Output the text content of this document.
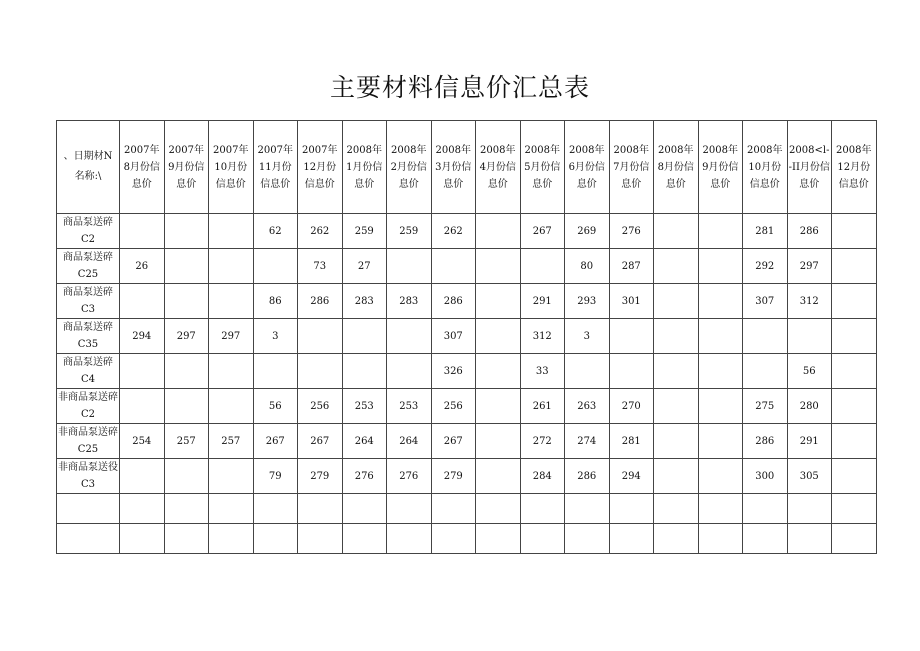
主要材料信息价汇总表
、日期材N
名称:\	2007年8月份信息价	2007年9月份信息价	2007年10月份信息价	2007年11月份信息价	2007年12月份信息价	2008年1月份信息价	2008年2月份信息价	2008年3月份信息价	2008年4月份信息价	2008年5月份信息价	2008年6月份信息价	2008年7月份信息价	2008年8月份信息价	2008年9月份信息价	2008年10月份信息价	2008<l--II月份信息价	2008年12月份信息价

商品泵送碎C2				62	262	259	259	262		267	269	276			281	286	
商品泵送碎C25	26				73	27					80	287			292	297	
商品泵送碎C3				86	286	283	283	286		291	293	301			307	312	
商品泵送碎C35	294	297	297	3				307		312	3						
商品泵送碎C4								326		33						56	
非商品泵送碎C2				56	256	253	253	256		261	263	270			275	280	
非商品泵送碎C25	254	257	257	267	267	264	264	267		272	274	281			286	291	
非商品泵送役C3				79	279	276	276	279		284	286	294			300	305	
